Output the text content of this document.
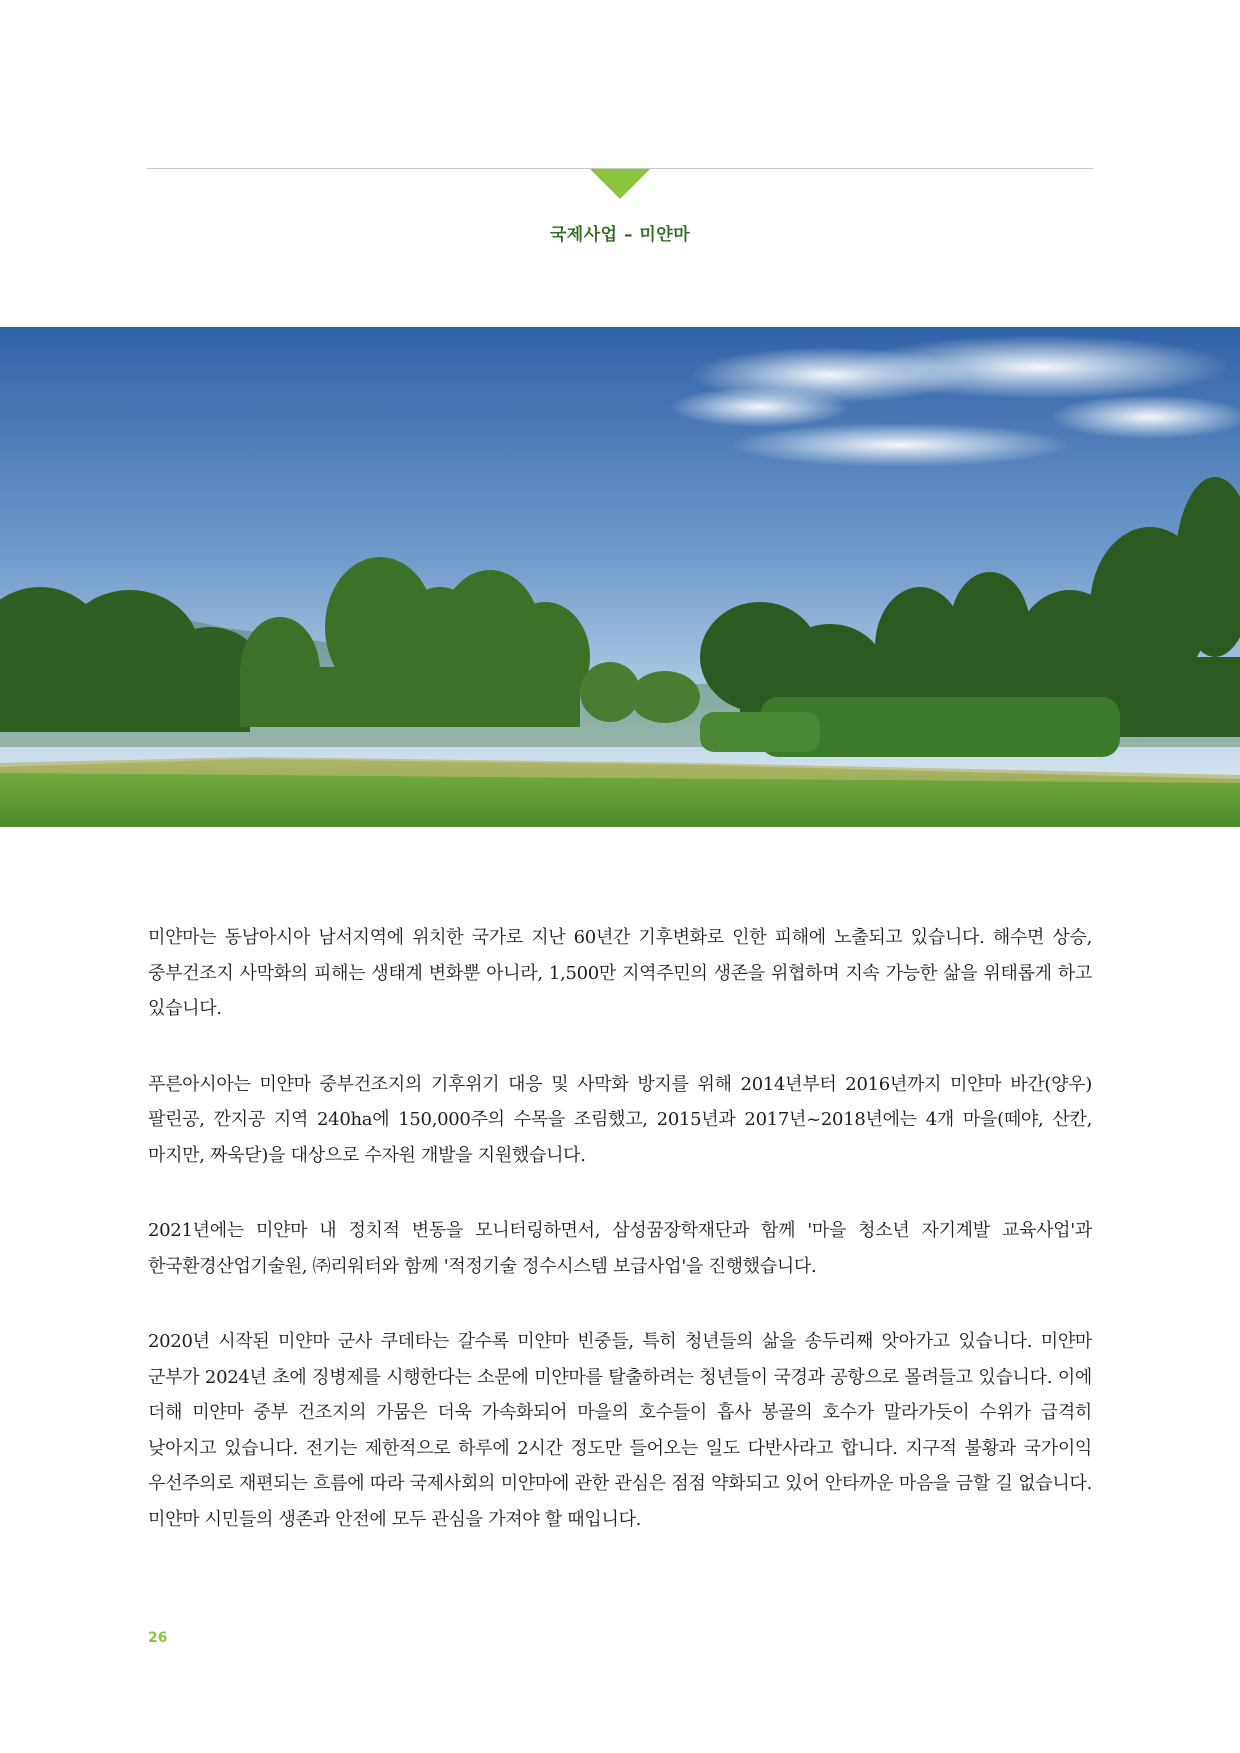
국제사업 – 미얀마

미얀마는 동남아시아 남서지역에 위치한 국가로 지난 60년간 기후변화로 인한 피해에 노출되고 있습니다. 해수면 상승, 중부건조지 사막화의 피해는 생태계 변화뿐 아니라, 1,500만 지역주민의 생존을 위협하며 지속 가능한 삶을 위태롭게 하고 있습니다.

푸른아시아는 미얀마 중부건조지의 기후위기 대응 및 사막화 방지를 위해 2014년부터 2016년까지 미얀마 바간(양우) 팔린공, 깐지공 지역 240ha에 150,000주의 수목을 조림했고, 2015년과 2017년~2018년에는 4개 마을(떼야, 산칸, 마지만, 짜욱닫)을 대상으로 수자원 개발을 지원했습니다.

2021년에는 미얀마 내 정치적 변동을 모니터링하면서, 삼성꿈장학재단과 함께 '마을 청소년 자기계발 교육사업'과 한국환경산업기술원, ㈜리워터와 함께 '적정기술 정수시스템 보급사업'을 진행했습니다.

2020년 시작된 미얀마 군사 쿠데타는 갈수록 미얀마 빈중들, 특히 청년들의 삶을 송두리째 앗아가고 있습니다. 미얀마 군부가 2024년 초에 징병제를 시행한다는 소문에 미얀마를 탈출하려는 청년들이 국경과 공항으로 몰려들고 있습니다. 이에 더해 미얀마 중부 건조지의 가뭄은 더욱 가속화되어 마을의 호수들이 흡사 봉골의 호수가 말라가듯이 수위가 급격히 낮아지고 있습니다. 전기는 제한적으로 하루에 2시간 정도만 들어오는 일도 다반사라고 합니다. 지구적 불황과 국가이익 우선주의로 재편되는 흐름에 따라 국제사회의 미얀마에 관한 관심은 점점 약화되고 있어 안타까운 마음을 금할 길 없습니다. 미얀마 시민들의 생존과 안전에 모두 관심을 가져야 할 때입니다.

26
